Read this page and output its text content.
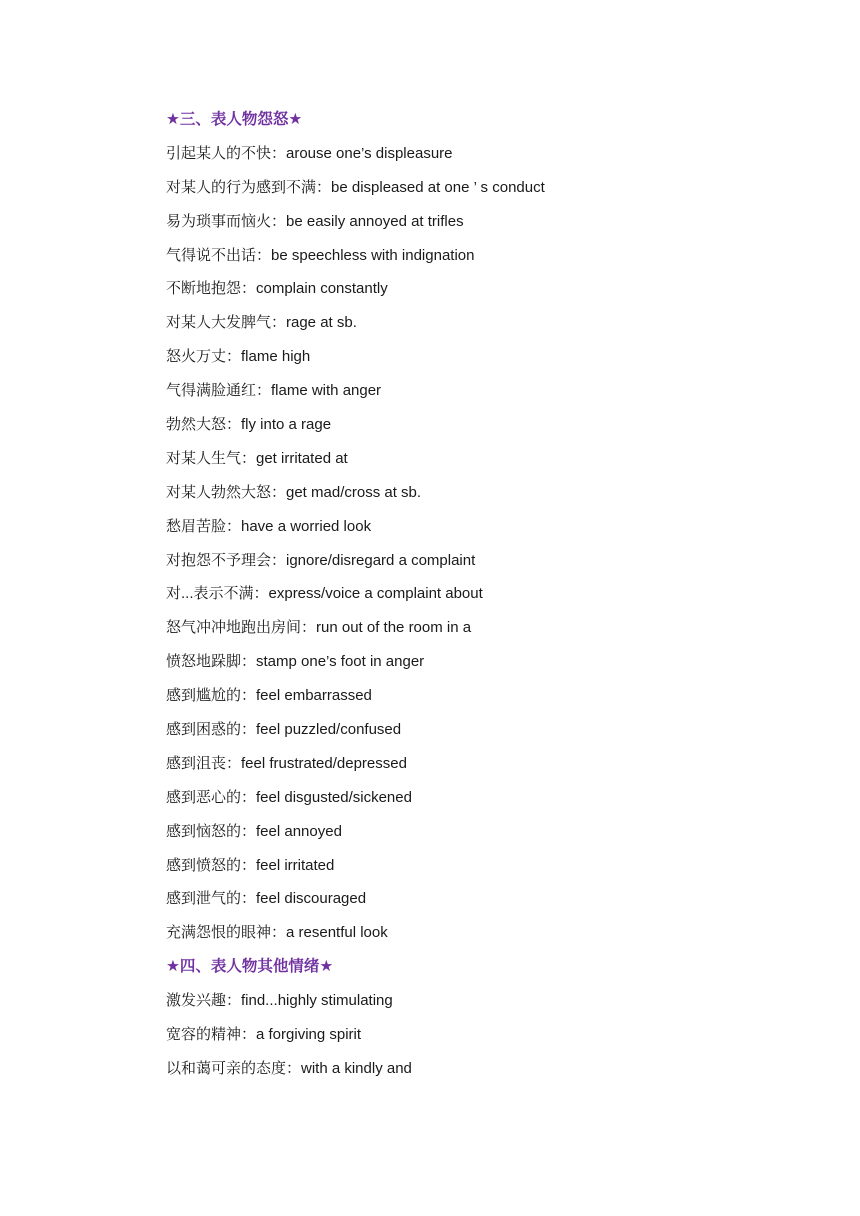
★三、表人物怨怒★
引起某人的不快：arouse one’s displeasure
对某人的行为感到不满：be displeased at one ’ s conduct
易为琐事而恼火：be easily annoyed at trifles
气得说不出话：be speechless with indignation
不断地抱怨：complain constantly
对某人大发脾气：rage at sb.
怒火万丈：flame high
气得满脸通红：flame with anger
勃然大怒：fly into a rage
对某人生气：get irritated at
对某人勃然大怒：get mad/cross at sb.
愁眉苦脸：have a worried look
对抱怨不予理会：ignore/disregard a complaint
对...表示不满：express/voice a complaint about
怒气冲冲地跑出房间：run out of the room in a
愤怒地跺脚：stamp one’s foot in anger
感到尴尬的：feel embarrassed
感到困惑的：feel puzzled/confused
感到沮丧：feel frustrated/depressed
感到恶心的：feel disgusted/sickened
感到恼怒的：feel annoyed
感到愤怒的：feel irritated
感到泄气的：feel discouraged
充满怨恨的眼神：a resentful look
★四、表人物其他情绪★
激发兴趣：find...highly stimulating
宽容的精神：a forgiving spirit
以和蔼可亲的态度：with a kindly and
